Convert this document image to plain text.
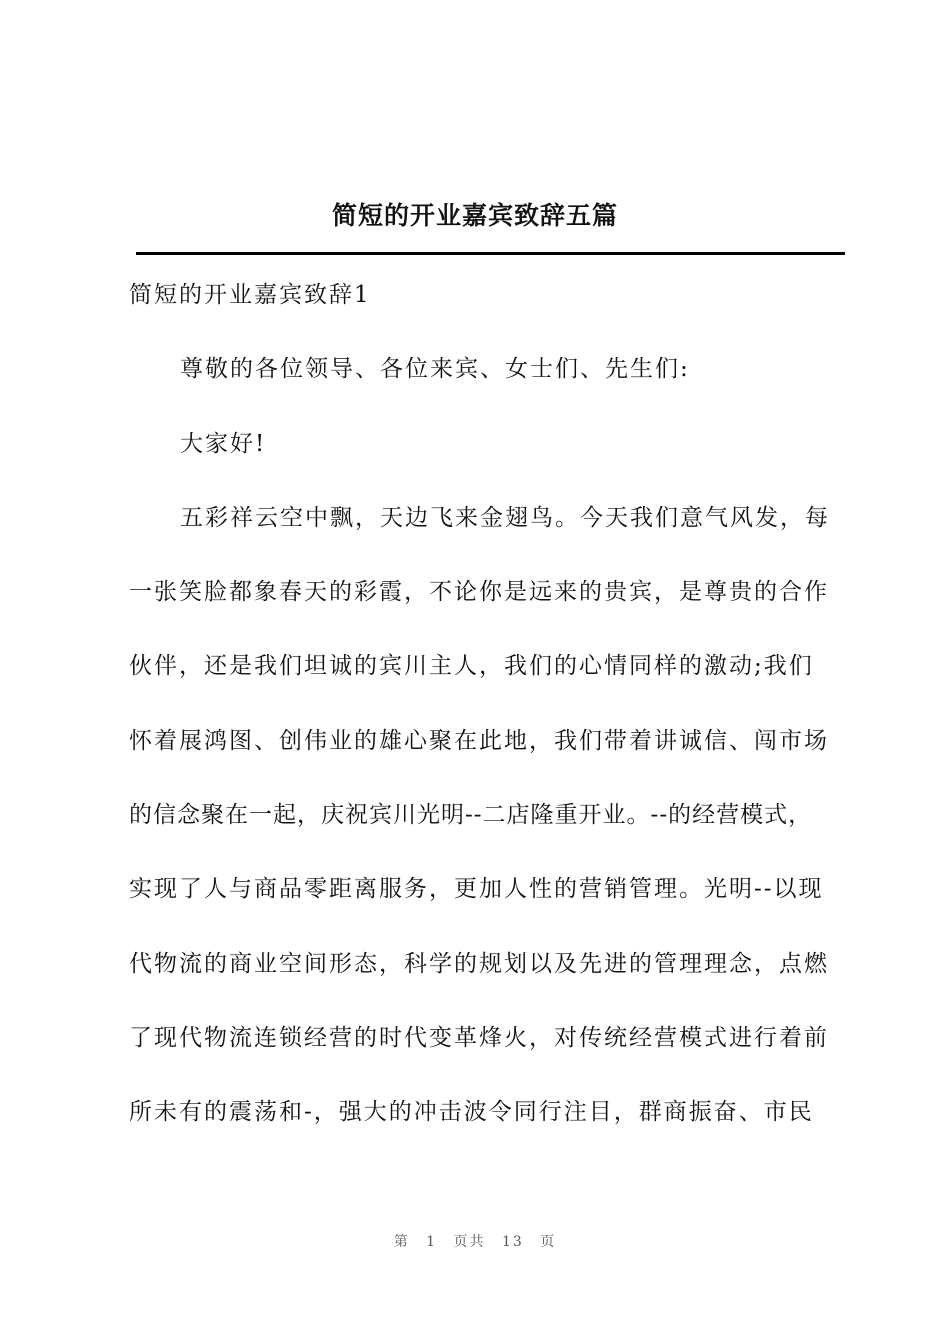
简短的开业嘉宾致辞五篇
简短的开业嘉宾致辞1
尊敬的各位领导、各位来宾、女士们、先生们:
大家好!
五彩祥云空中飘，天边飞来金翅鸟。今天我们意气风发，每
一张笑脸都象春天的彩霞，不论你是远来的贵宾，是尊贵的合作
伙伴，还是我们坦诚的宾川主人，我们的心情同样的激动;我们
怀着展鸿图、创伟业的雄心聚在此地，我们带着讲诚信、闯市场
的信念聚在一起，庆祝宾川光明--二店隆重开业。--的经营模式，
实现了人与商品零距离服务，更加人性的营销管理。光明--以现
代物流的商业空间形态，科学的规划以及先进的管理理念，点燃
了现代物流连锁经营的时代变革烽火，对传统经营模式进行着前
所未有的震荡和-，强大的冲击波令同行注目，群商振奋、市民
第 1 页共 13 页
